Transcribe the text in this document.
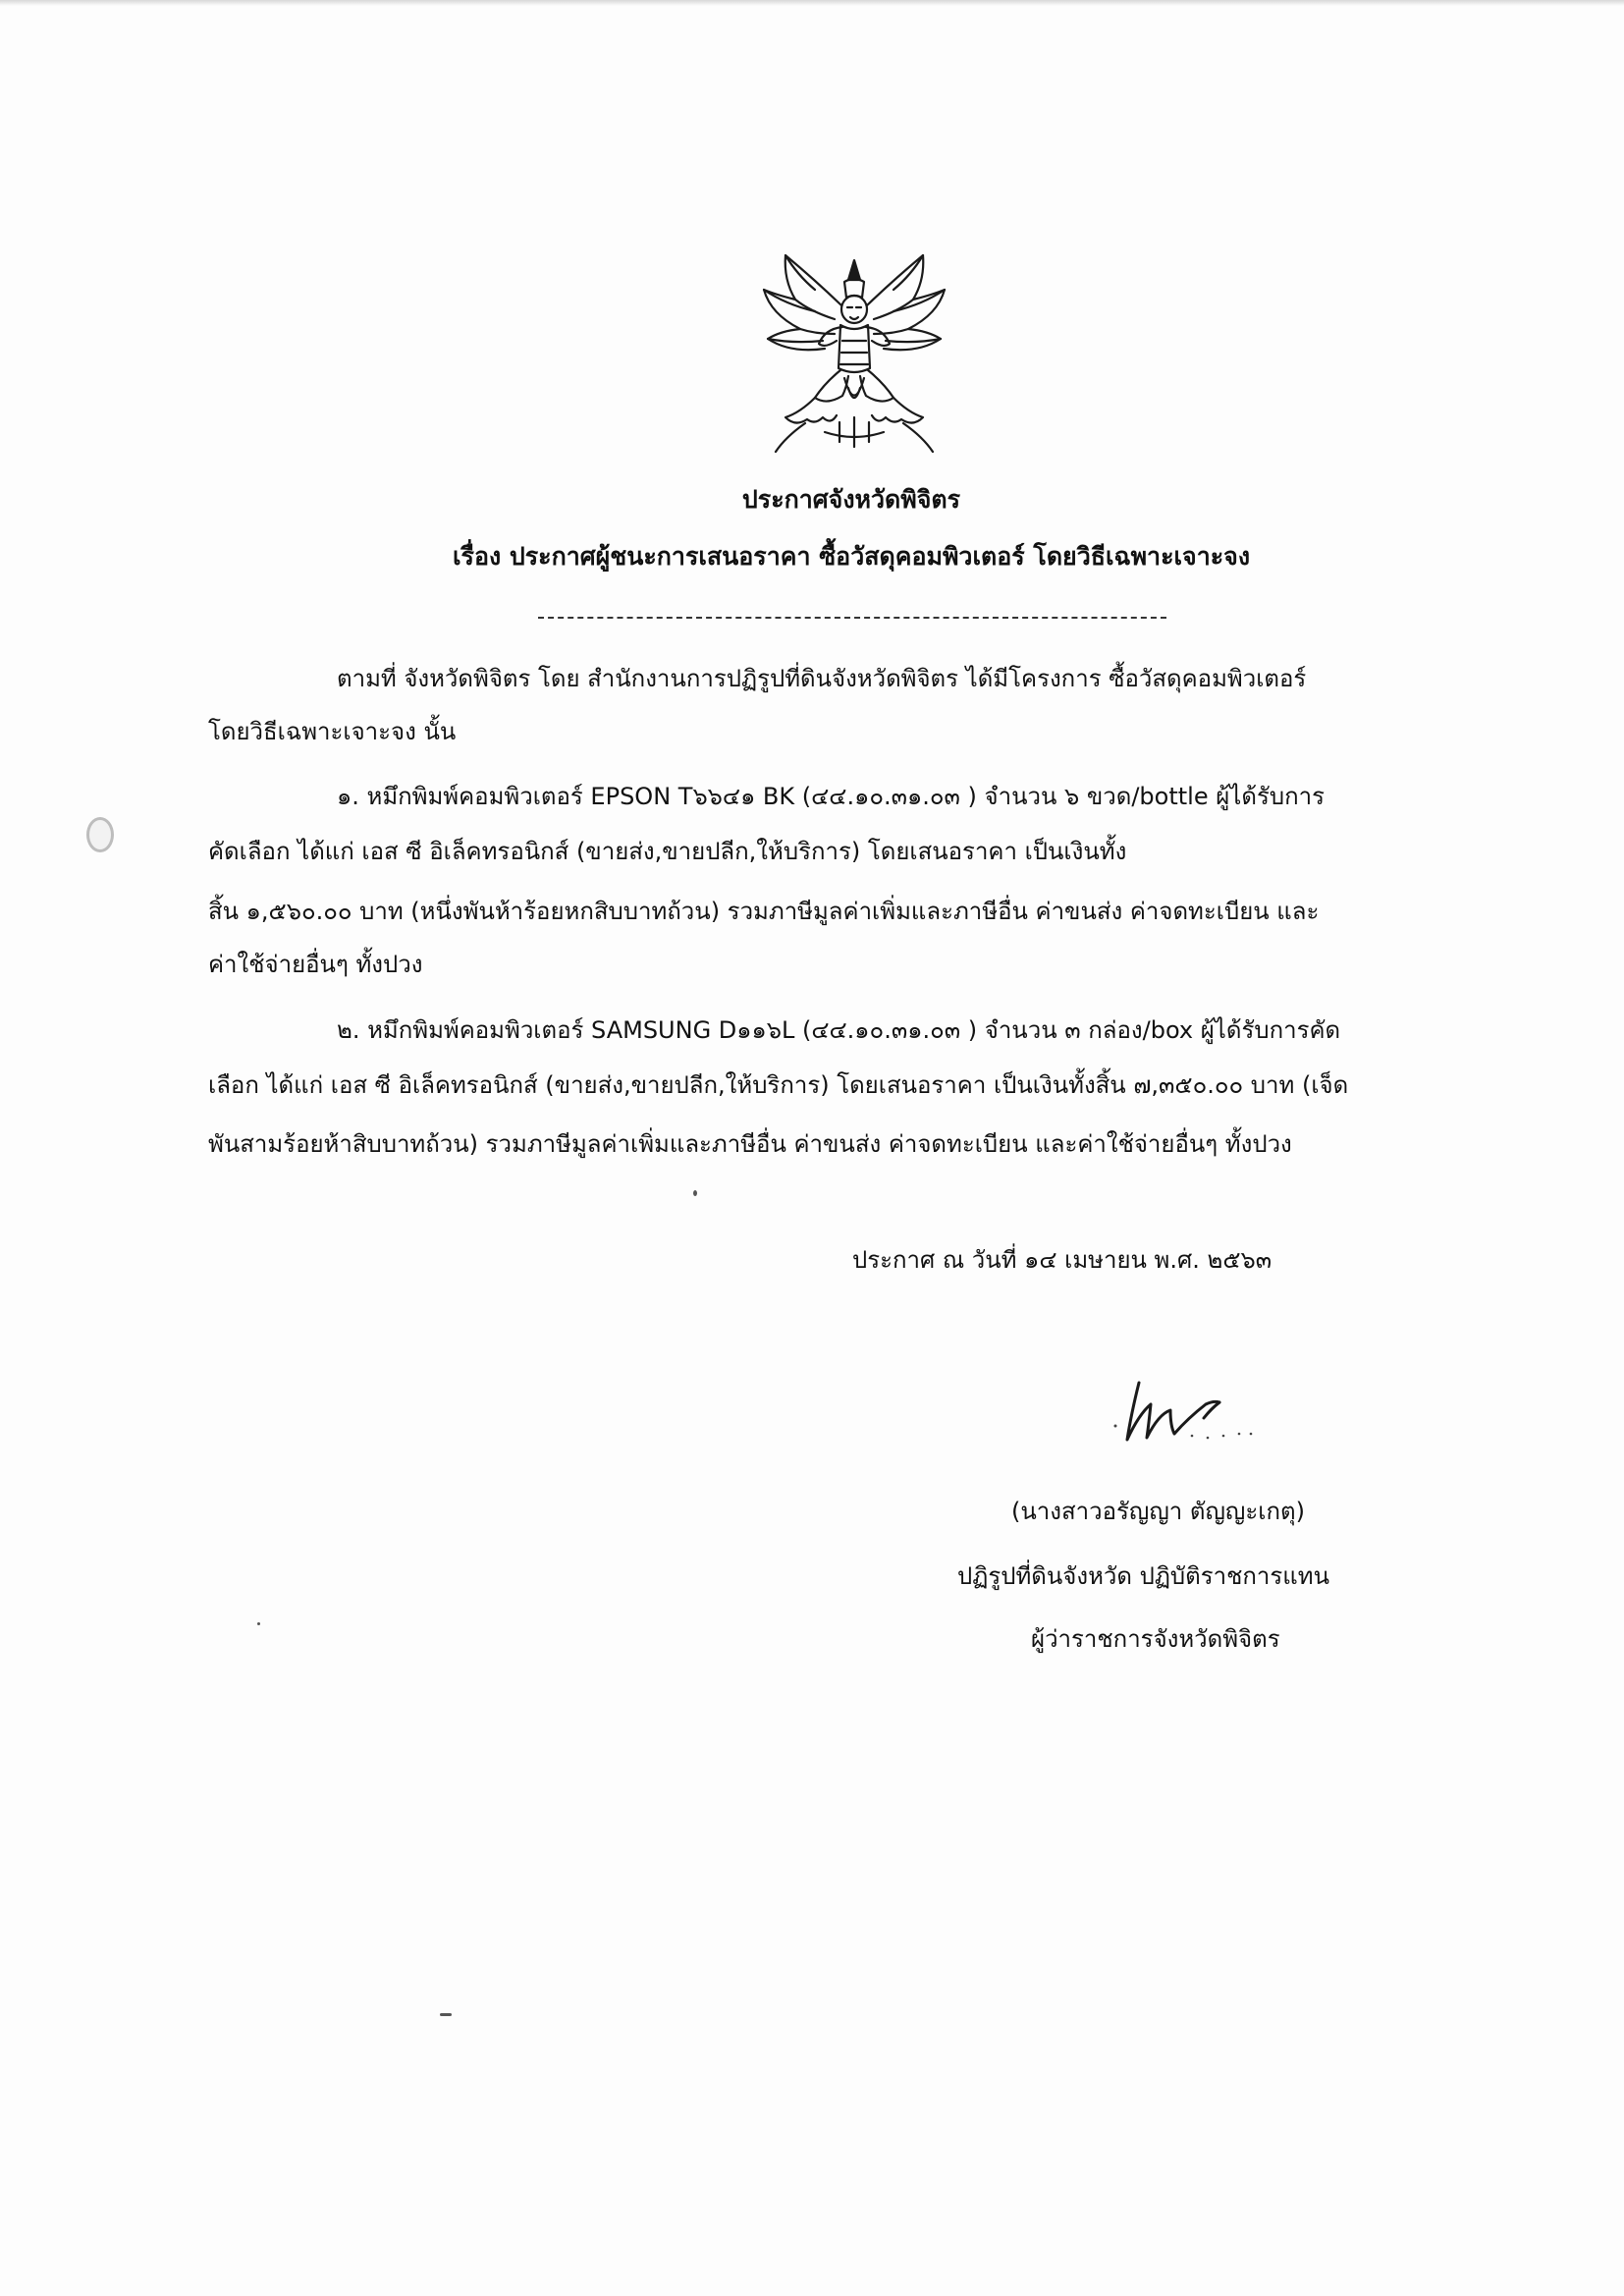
ประกาศจังหวัดพิจิตร
เรื่อง ประกาศผู้ชนะการเสนอราคา ซื้อวัสดุคอมพิวเตอร์ โดยวิธีเฉพาะเจาะจง
ตามที่ จังหวัดพิจิตร โดย สำนักงานการปฏิรูปที่ดินจังหวัดพิจิตร ได้มีโครงการ ซื้อวัสดุคอมพิวเตอร์
โดยวิธีเฉพาะเจาะจง นั้น
๑. หมึกพิมพ์คอมพิวเตอร์ EPSON T๖๖๔๑ BK (๔๔.๑๐.๓๑.๐๓ ) จำนวน ๖ ขวด/bottle ผู้ได้รับการ
คัดเลือก ได้แก่ เอส ซี อิเล็คทรอนิกส์ (ขายส่ง,ขายปลีก,ให้บริการ) โดยเสนอราคา เป็นเงินทั้ง
สิ้น ๑,๕๖๐.๐๐ บาท (หนึ่งพันห้าร้อยหกสิบบาทถ้วน) รวมภาษีมูลค่าเพิ่มและภาษีอื่น ค่าขนส่ง ค่าจดทะเบียน และ
ค่าใช้จ่ายอื่นๆ ทั้งปวง
๒. หมึกพิมพ์คอมพิวเตอร์ SAMSUNG D๑๑๖L (๔๔.๑๐.๓๑.๐๓ ) จำนวน ๓ กล่อง/box ผู้ได้รับการคัด
เลือก ได้แก่ เอส ซี อิเล็คทรอนิกส์ (ขายส่ง,ขายปลีก,ให้บริการ) โดยเสนอราคา เป็นเงินทั้งสิ้น ๗,๓๕๐.๐๐ บาท (เจ็ด
พันสามร้อยห้าสิบบาทถ้วน) รวมภาษีมูลค่าเพิ่มและภาษีอื่น ค่าขนส่ง ค่าจดทะเบียน และค่าใช้จ่ายอื่นๆ ทั้งปวง
ประกาศ ณ วันที่ ๑๔ เมษายน พ.ศ. ๒๕๖๓
(นางสาวอรัญญา ตัญญะเกตุ)
ปฏิรูปที่ดินจังหวัด ปฏิบัติราชการแทน
ผู้ว่าราชการจังหวัดพิจิตร
